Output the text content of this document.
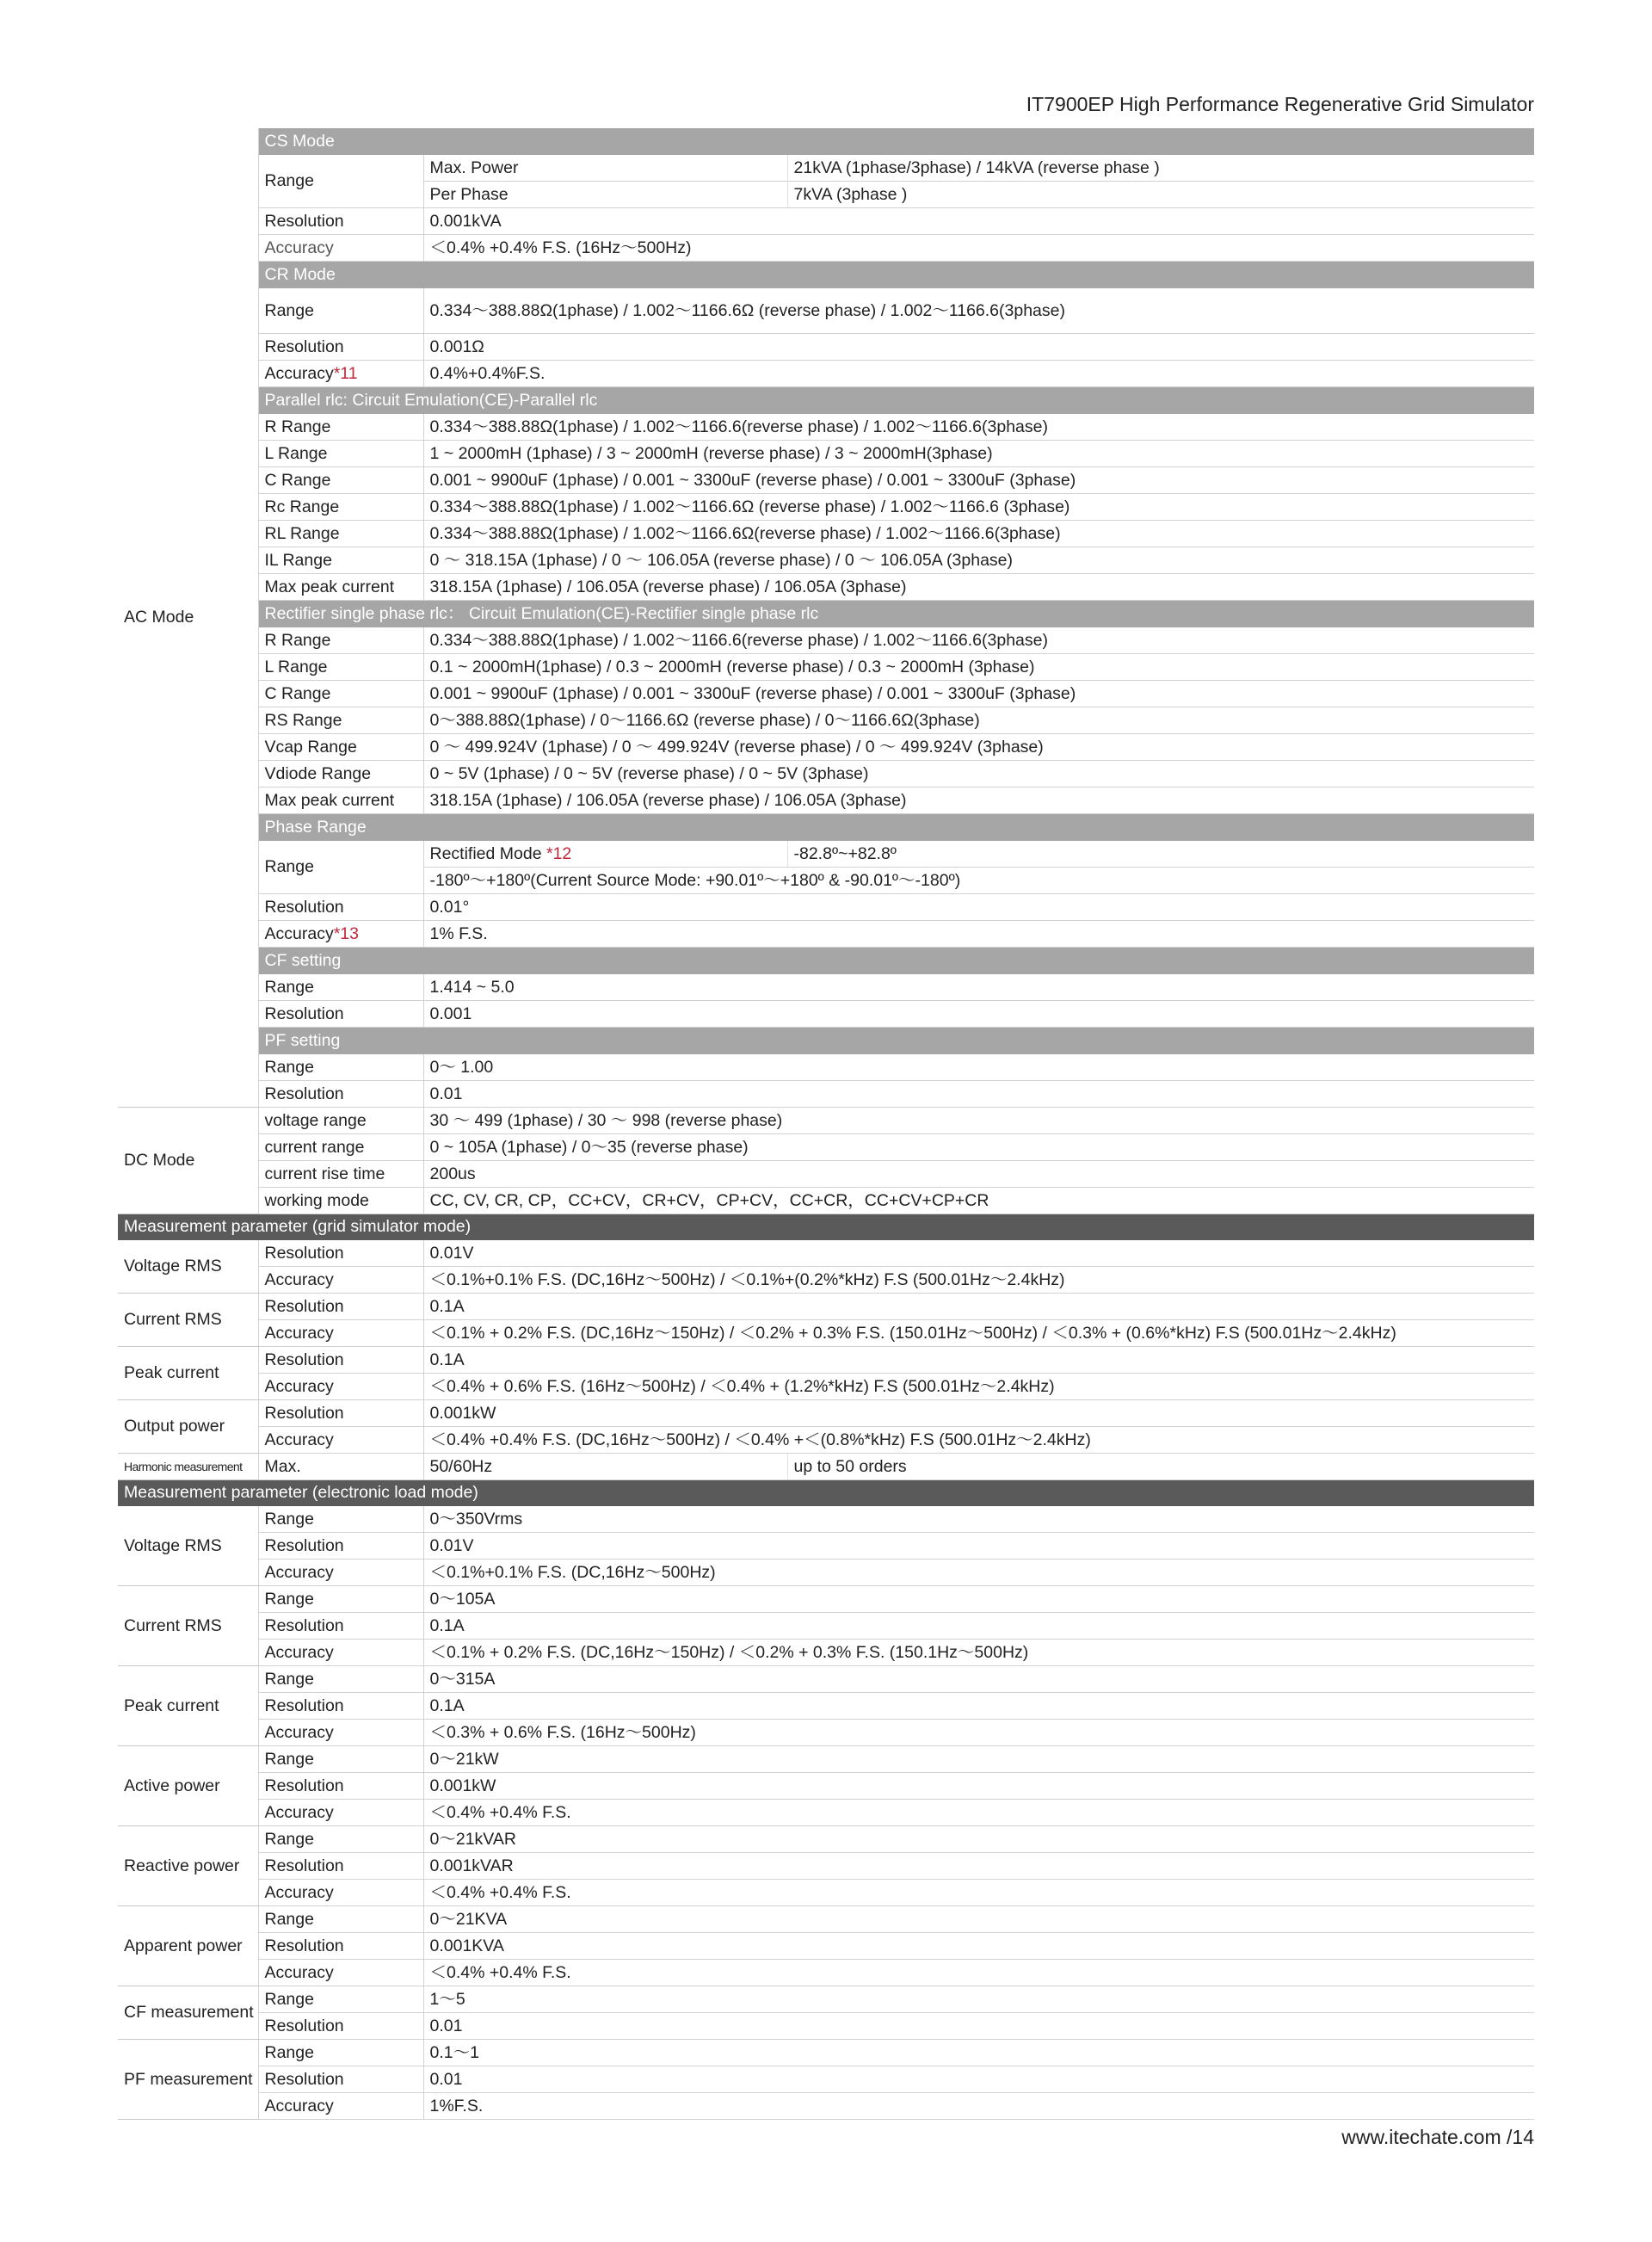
IT7900EP High Performance Regenerative Grid Simulator
AC Mode	CS Mode		
	Range	Max. Power	21kVA (1phase/3phase) / 14kVA (reverse phase )
		Per Phase	7kVA (3phase )
	Resolution	0.001kVA	
	Accuracy	＜0.4% +0.4% F.S. (16Hz～500Hz)	
	CR Mode		
	Range	0.334～388.88Ω(1phase) / 1.002～1166.6Ω (reverse phase) / 1.002～1166.6(3phase)	
	Resolution	0.001Ω	
	Accuracy*11	0.4%+0.4%F.S.	
	Parallel rlc: Circuit Emulation(CE)-Parallel rlc		
	R Range	0.334～388.88Ω(1phase) / 1.002～1166.6(reverse phase) / 1.002～1166.6(3phase)	
	L Range	1 ~ 2000mH (1phase) / 3 ~ 2000mH (reverse phase) / 3 ~ 2000mH(3phase)	
	C Range	0.001 ~ 9900uF (1phase) / 0.001 ~ 3300uF (reverse phase) / 0.001 ~ 3300uF (3phase)	
	Rc Range	0.334～388.88Ω(1phase) / 1.002～1166.6Ω (reverse phase) / 1.002～1166.6 (3phase)	
	RL Range	0.334～388.88Ω(1phase) / 1.002～1166.6Ω(reverse phase) / 1.002～1166.6(3phase)	
	IL Range	0 ～ 318.15A (1phase) / 0 ～ 106.05A (reverse phase) / 0 ～ 106.05A (3phase)	
	Max peak current	318.15A (1phase) / 106.05A (reverse phase) / 106.05A (3phase)	
	Rectifier single phase rlc： Circuit Emulation(CE)-Rectifier single phase rlc		
	R Range	0.334～388.88Ω(1phase) / 1.002～1166.6(reverse phase) / 1.002～1166.6(3phase)	
	L Range	0.1 ~ 2000mH(1phase) / 0.3 ~ 2000mH (reverse phase) / 0.3 ~ 2000mH (3phase)	
	C Range	0.001 ~ 9900uF (1phase) / 0.001 ~ 3300uF (reverse phase) / 0.001 ~ 3300uF (3phase)	
	RS Range	0～388.88Ω(1phase) / 0～1166.6Ω (reverse phase) / 0～1166.6Ω(3phase)	
	Vcap Range	0 ～ 499.924V (1phase) / 0 ～ 499.924V (reverse phase) / 0 ～ 499.924V (3phase)	
	Vdiode Range	0 ~ 5V (1phase) / 0 ~ 5V (reverse phase) / 0 ~ 5V (3phase)	
	Max peak current	318.15A (1phase) / 106.05A (reverse phase) / 106.05A (3phase)	
	Phase Range		
	Range	Rectified Mode *12	-82.8º~+82.8º
		-180º～+180º(Current Source Mode: +90.01º～+180º & -90.01º～-180º)	
	Resolution	0.01°	
	Accuracy*13	1% F.S.	
	CF setting		
	Range	1.414 ~ 5.0	
	Resolution	0.001	
	PF setting		
	Range	0～ 1.00	
	Resolution	0.01	
DC Mode	voltage range	30 ～ 499 (1phase) / 30 ～ 998 (reverse phase)	
	current range	0 ~ 105A (1phase) / 0～35 (reverse phase)	
	current rise time	200us	
	working mode	CC, CV, CR, CP，CC+CV，CR+CV，CP+CV，CC+CR，CC+CV+CP+CR	
Measurement parameter (grid simulator mode)			
Voltage RMS	Resolution	0.01V	
	Accuracy	＜0.1%+0.1% F.S. (DC,16Hz～500Hz) / ＜0.1%+(0.2%*kHz) F.S (500.01Hz～2.4kHz)	
Current RMS	Resolution	0.1A	
	Accuracy	＜0.1% + 0.2% F.S. (DC,16Hz～150Hz) / ＜0.2% + 0.3% F.S. (150.01Hz～500Hz) / ＜0.3% + (0.6%*kHz) F.S (500.01Hz～2.4kHz)	
Peak current	Resolution	0.1A	
	Accuracy	＜0.4% + 0.6% F.S. (16Hz～500Hz) / ＜0.4% + (1.2%*kHz) F.S (500.01Hz～2.4kHz)	
Output power	Resolution	0.001kW	
	Accuracy	＜0.4% +0.4% F.S. (DC,16Hz～500Hz) / ＜0.4% +＜(0.8%*kHz) F.S (500.01Hz～2.4kHz)	
Harmonic measurement	Max.	50/60Hz	up to 50 orders
Measurement parameter (electronic load mode)			
Voltage RMS	Range	0～350Vrms	
	Resolution	0.01V	
	Accuracy	＜0.1%+0.1% F.S. (DC,16Hz～500Hz)	
Current RMS	Range	0～105A	
	Resolution	0.1A	
	Accuracy	＜0.1% + 0.2% F.S. (DC,16Hz～150Hz) / ＜0.2% + 0.3% F.S. (150.1Hz～500Hz)	
Peak current	Range	0～315A	
	Resolution	0.1A	
	Accuracy	＜0.3% + 0.6% F.S. (16Hz～500Hz)	
Active power	Range	0～21kW	
	Resolution	0.001kW	
	Accuracy	＜0.4% +0.4% F.S.	
Reactive power	Range	0～21kVAR	
	Resolution	0.001kVAR	
	Accuracy	＜0.4% +0.4% F.S.	
Apparent power	Range	0～21KVA	
	Resolution	0.001KVA	
	Accuracy	＜0.4% +0.4% F.S.	
CF measurement	Range	1～5	
	Resolution	0.01	
PF measurement	Range	0.1～1	
	Resolution	0.01	
	Accuracy	1%F.S.	
www.itechate.com /14
